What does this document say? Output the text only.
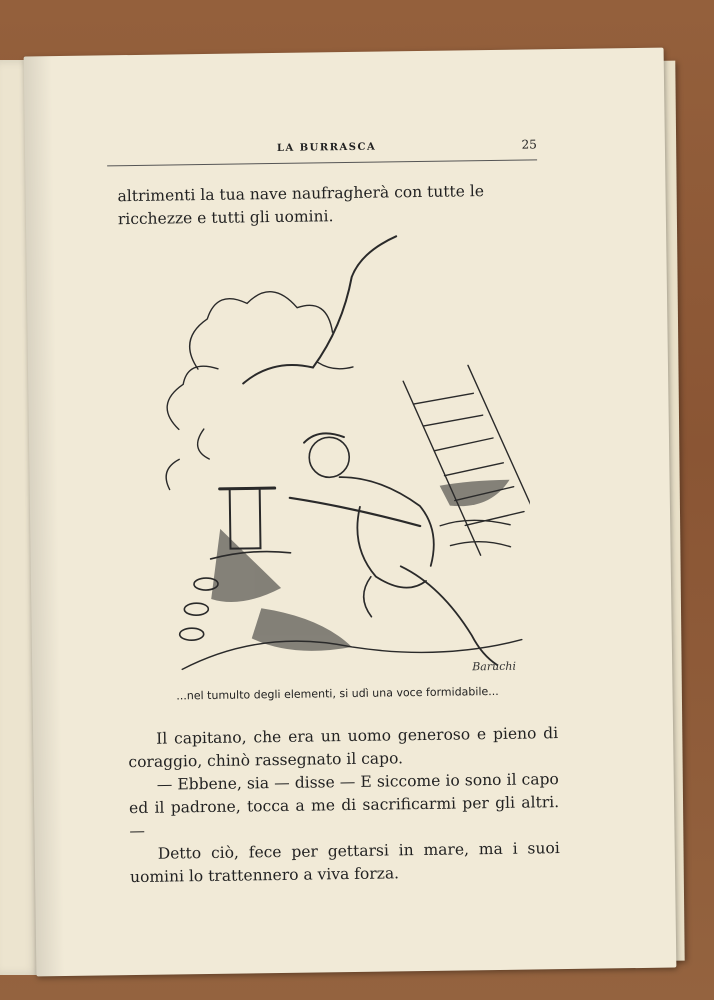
LA BURRASCA	25
altrimenti la tua nave naufragherà con tutte le ricchezze e tutti gli uomini.
Baruchi
...nel tumulto degli elementi, si udì una voce formidabile...

Il capitano, che era un uomo generoso e pieno di coraggio, chinò rassegnato il capo.

— Ebbene, sia — disse — E siccome io sono il capo ed il padrone, tocca a me di sacrificarmi per gli altri. —

Detto ciò, fece per gettarsi in mare, ma i suoi uomini lo trattennero a viva forza.
